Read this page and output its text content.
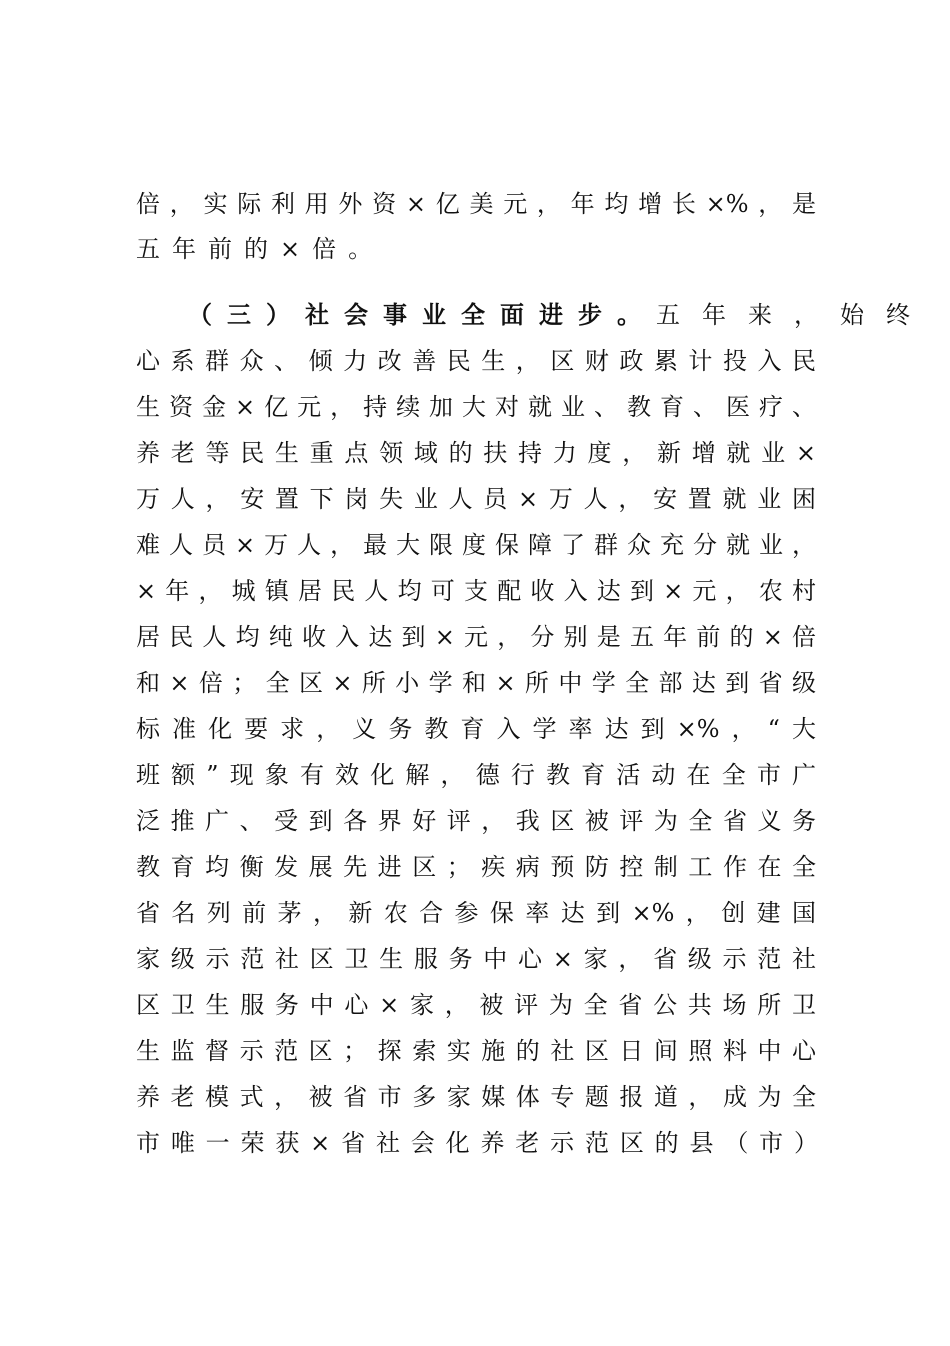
倍，实际利用外资×亿美元，年均增长×%，是
五年前的×倍。
（三）社会事业全面进步。五年来，始终
心系群众、倾力改善民生，区财政累计投入民
生资金×亿元，持续加大对就业、教育、医疗、
养老等民生重点领域的扶持力度，新增就业×
万人，安置下岗失业人员×万人，安置就业困
难人员×万人，最大限度保障了群众充分就业，
×年，城镇居民人均可支配收入达到×元，农村
居民人均纯收入达到×元，分别是五年前的×倍
和×倍；全区×所小学和×所中学全部达到省级
标准化要求，义务教育入学率达到×%，“大
班额”现象有效化解，德行教育活动在全市广
泛推广、受到各界好评，我区被评为全省义务
教育均衡发展先进区；疾病预防控制工作在全
省名列前茅，新农合参保率达到×%，创建国
家级示范社区卫生服务中心×家，省级示范社
区卫生服务中心×家，被评为全省公共场所卫
生监督示范区；探索实施的社区日间照料中心
养老模式，被省市多家媒体专题报道，成为全
市唯一荣获×省社会化养老示范区的县（市）
